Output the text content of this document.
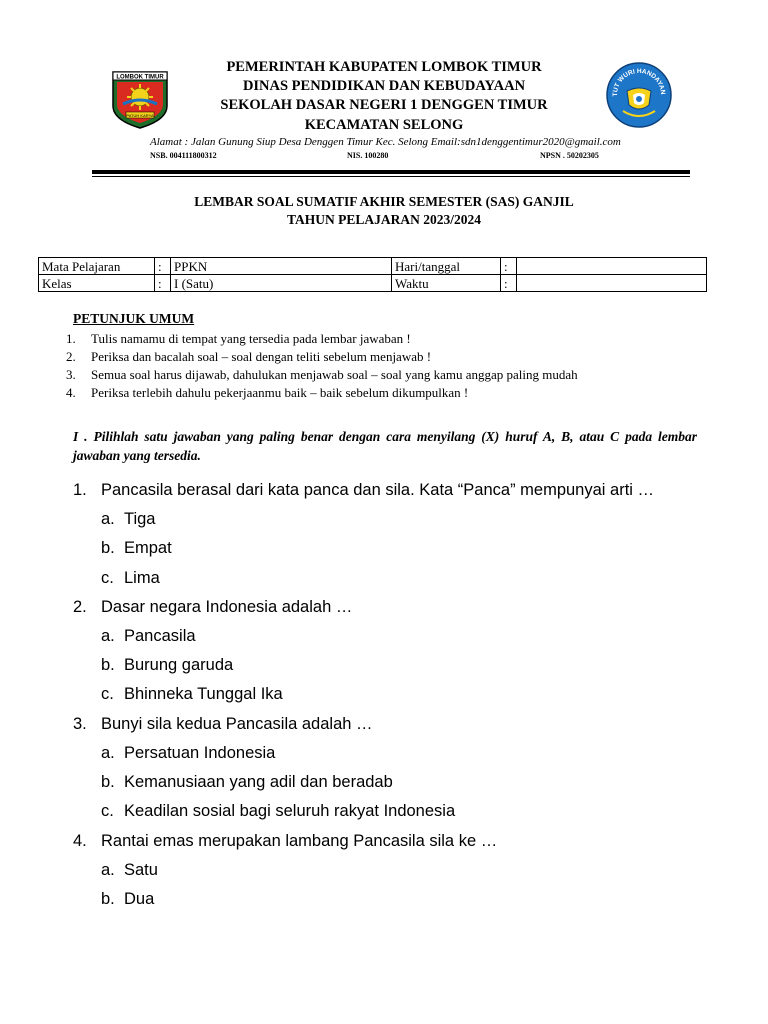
LOMBOK TIMUR
PATUH KARYA
PEMERINTAH KABUPATEN LOMBOK TIMUR
DINAS PENDIDIKAN DAN KEBUDAYAAN
SEKOLAH DASAR NEGERI 1 DENGGEN TIMUR
KECAMATAN SELONG
TUT WURI HANDAYAN
Alamat : Jalan Gunung Siup Desa Denggen Timur Kec. Selong Email:sdn1denggentimur2020@gmail.com
NSB. 004111800312	NIS. 100280	NPSN . 50202305
LEMBAR SOAL SUMATIF AKHIR SEMESTER (SAS) GANJIL
TAHUN PELAJARAN 2023/2024
Mata Pelajaran	:	PPKN	Hari/tanggal	:	
Kelas	:	I (Satu)	Waktu	:	
PETUNJUK UMUM
1. Tulis namamu di tempat yang tersedia pada lembar jawaban !
2. Periksa dan bacalah soal – soal dengan teliti sebelum menjawab !
3. Semua soal harus dijawab, dahulukan menjawab soal – soal yang kamu anggap paling mudah
4. Periksa terlebih dahulu pekerjaanmu baik – baik sebelum dikumpulkan !
I . Pilihlah satu jawaban yang paling benar dengan cara menyilang (X) huruf A, B, atau C pada lembar jawaban yang tersedia.
1. Pancasila berasal dari kata panca dan sila. Kata “Panca” mempunyai arti …
a. Tiga
b. Empat
c. Lima
2. Dasar negara Indonesia adalah …
a. Pancasila
b. Burung garuda
c. Bhinneka Tunggal Ika
3. Bunyi sila kedua Pancasila adalah …
a. Persatuan Indonesia
b. Kemanusiaan yang adil dan beradab
c. Keadilan sosial bagi seluruh rakyat Indonesia
4. Rantai emas merupakan lambang Pancasila sila ke …
a. Satu
b. Dua
